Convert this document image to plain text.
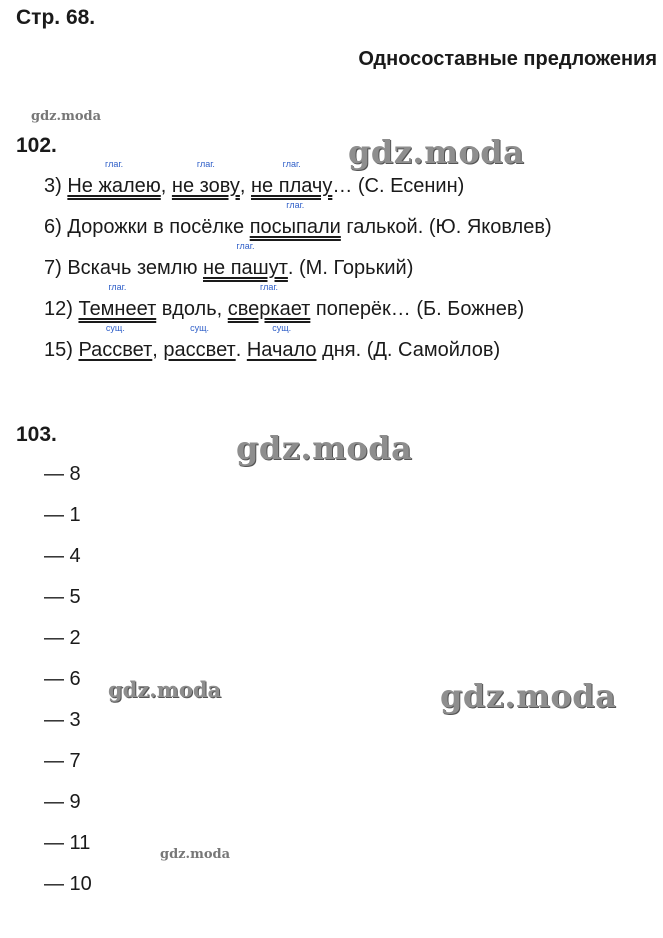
Стр. 68.
Односоставные предложения
gdz.moda
102.	gdz.moda
3)
глаг.
Не жалею,
глаг.
не зову,
глаг.
не плачу… (С. Есенин)
6) Дорожки в посёлке
глаг.
посыпали галькой. (Ю. Яковлев)
7) Вскачь землю
глаг.
не пашут. (М. Горький)
12)
глаг.
Темнеет вдоль,
глаг.
сверкает поперёк… (Б. Божнев)
15)
сущ.
Рассвет,
сущ.
рассвет.
сущ.
Начало дня. (Д. Самойлов)
103.	gdz.moda
— 8
— 1
— 4
— 5
— 2
— 6
— 3
— 7
— 9
— 11
— 10
gdz.moda	gdz.moda
gdz.moda
